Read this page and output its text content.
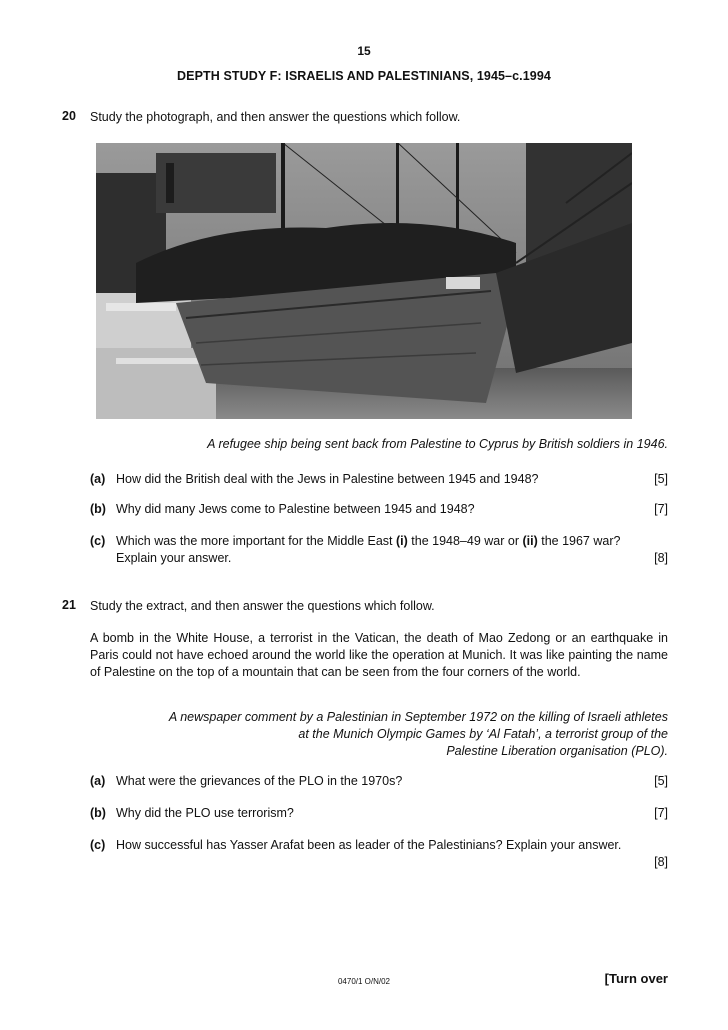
15
DEPTH STUDY F: ISRAELIS AND PALESTINIANS, 1945–c.1994
20 Study the photograph, and then answer the questions which follow.
A refugee ship being sent back from Palestine to Cyprus by British soldiers in 1946.
(a) How did the British deal with the Jews in Palestine between 1945 and 1948?	[5]
(b) Why did many Jews come to Palestine between 1945 and 1948?	[7]
(c) Which was the more important for the Middle East (i) the 1948–49 war or (ii) the 1967 war?
Explain your answer.	[8]
21 Study the extract, and then answer the questions which follow.
A bomb in the White House, a terrorist in the Vatican, the death of Mao Zedong or an earthquake in Paris could not have echoed around the world like the operation at Munich. It was like painting the name of Palestine on the top of a mountain that can be seen from the four corners of the world.
A newspaper comment by a Palestinian in September 1972 on the killing of Israeli athletes
at the Munich Olympic Games by ‘Al Fatah’, a terrorist group of the
Palestine Liberation organisation (PLO).
(a) What were the grievances of the PLO in the 1970s?	[5]
(b) Why did the PLO use terrorism?	[7]
(c) How successful has Yasser Arafat been as leader of the Palestinians? Explain your answer.
[8]
0470/1 O/N/02	[Turn over
